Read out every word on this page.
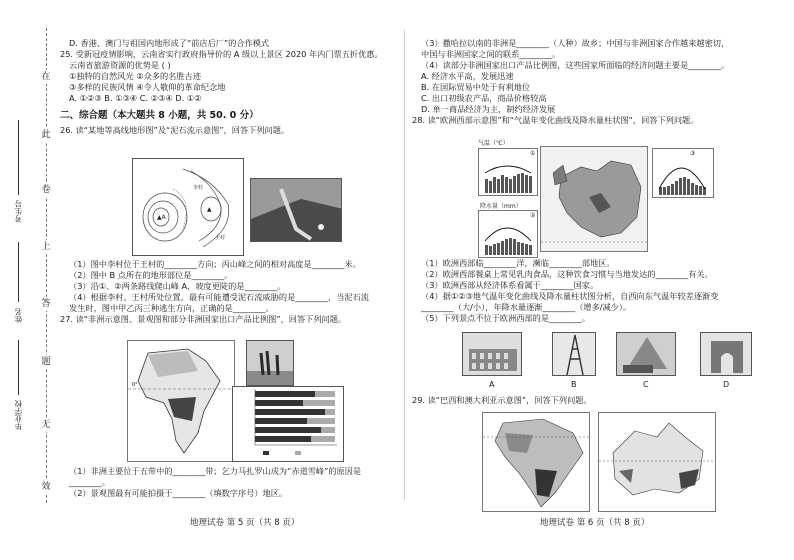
在
此
卷
上
答
题
无
效
考生号
姓名
毕业学校
D. 香港、澳门与祖国内地形成了“前店后厂”的合作模式
25. 受新冠疫情影响，云南省实行政府指导价的 A 级以上景区 2020 年内门票五折优惠。
云南省旅游资源的优势是 ( )
①独特的自然风光 ②众多的名胜古迹
③多样的民族风情 ④令人敬仰的革命纪念地
A. ①②③ B. ①③④ C. ②③④ D. ①②
二、综合题（本大题共 8 小题，共 50. 0 分）
26. 读“某地等高线地形图”及“泥石流示意图”，回答下列问题。
▲A
▲
李村
王村
（1）图中李村位于王村的________方向；丙山峰之间的相对高度是________米。
（2）图中 B 点所在的地形部位是________。
（3）沿①、②两条路线爬山峰 A，坡度更陡的是________。
（4）根据李村、王村所处位置，最有可能遭受泥石流威胁的是________，当泥石流
发生时，图中甲乙丙三种逃生方向，正确的是________。
27. 读“非洲示意图、景观图和部分非洲国家出口产品比例图”，回答下列问题。
0°
（1）非洲主要位于五带中的________带；乞力马扎罗山成为“赤道雪峰”的原因是
________。
（2）景观图最有可能拍摄于________（填数字序号）地区。
地理试卷 第 5 页（共 8 页）
（3）撒哈拉以南的非洲是________（人种）故乡；中国与非洲国家合作越来越密切，
中国与非洲国家之间的联系________。
（4）读部分非洲国家出口产品比例图，这些国家所面临的经济问题主要是________。
A. 经济水平高，发展迅速
B. 在国际贸易中处于有利地位
C. 出口初级农产品，商品价格较高
D. 单一商品经济为主，制约经济发展
28. 读“欧洲西部示意图”和“气温年变化曲线及降水量柱状图”，回答下列问题。
气温（℃）
①
降水量（mm）
②
③
（1）欧洲西部临________洋，濒临________部地区。
（2）欧洲西部餐桌上常见乳肉食品，这种饮食习惯与当地发达的________有关。
（3）欧洲西部从经济体系看属于________国家。
（4）据①②③地气温年变化曲线及降水量柱状图分析，自西向东气温年较差逐渐变
________（大/小），年降水量逐渐________（增多/减少）。
（5）下列景点不位于欧洲西部的是________。
A	B	C	D
29. 读“巴西和澳大利亚示意图”，回答下列问题。
地理试卷 第 6 页（共 8 页）
